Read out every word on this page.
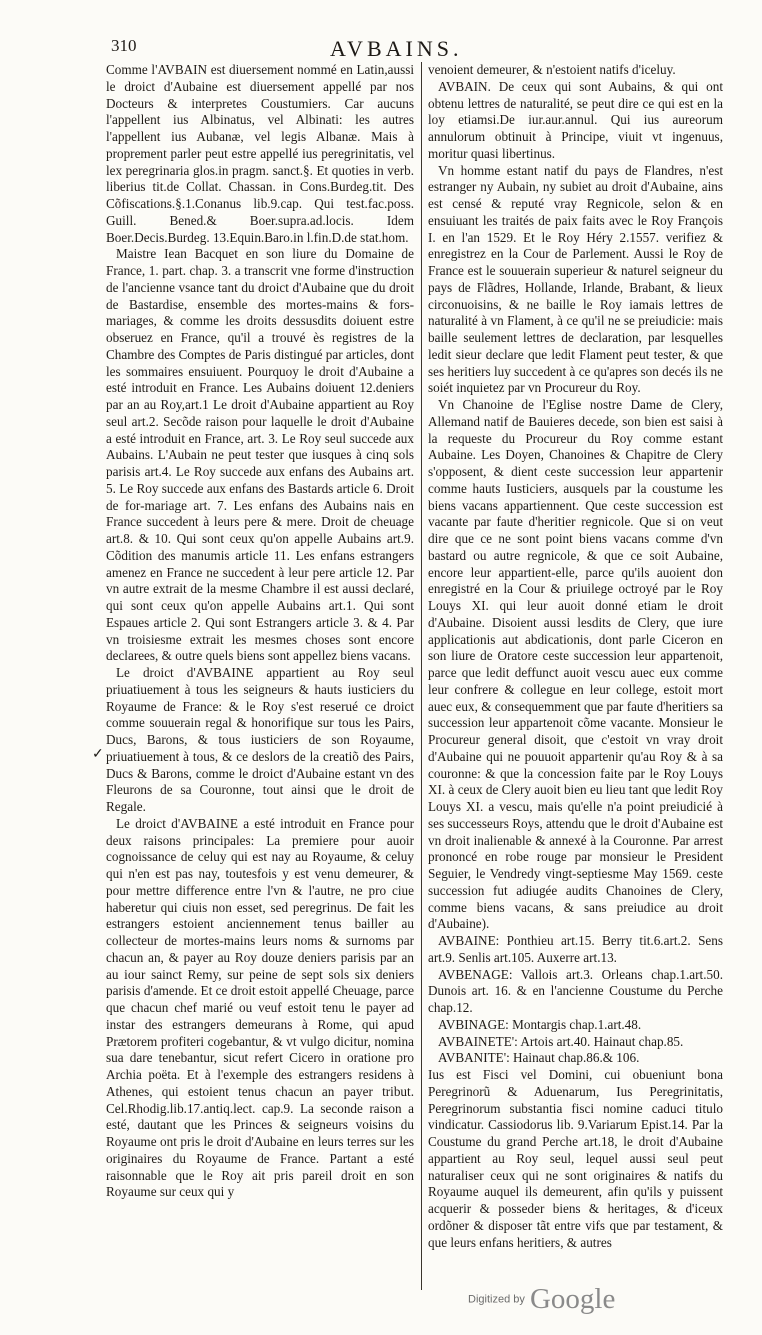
310	AVBAINS.

Comme l'AVBAIN est diuersement nommé en Latin,aussi le droict d'Aubaine est diuersement appellé par nos Docteurs & interpretes Coustumiers. Car aucuns l'appellent ius Albinatus, vel Albinati: les autres l'appellent ius Aubanæ, vel legis Albanæ. Mais à proprement parler peut estre appellé ius peregrinitatis, vel lex peregrinaria glos.in pragm. sanct.§. Et quoties in verb. liberius tit.de Collat. Chassan. in Cons.Burdeg.tit. Des Cõfiscations.§.1.Conanus lib.9.cap. Qui test.fac.poss. Guill. Bened.& Boer.supra.ad.locis. Idem Boer.Decis.Burdeg. 13.Equin.Baro.in l.fin.D.de stat.hom.

Maistre Iean Bacquet en son liure du Domaine de France, 1. part. chap. 3. a transcrit vne forme d'instruction de l'ancienne vsance tant du droict d'Aubaine que du droit de Bastardise, ensemble des mortes-mains & fors-mariages, & comme les droits dessusdits doiuent estre obseruez en France, qu'il a trouvé ès registres de la Chambre des Comptes de Paris distingué par articles, dont les sommaires ensuiuent. Pourquoy le droit d'Aubaine a esté introduit en France. Les Aubains doiuent 12.deniers par an au Roy,art.1 Le droit d'Aubaine appartient au Roy seul art.2. Secõde raison pour laquelle le droit d'Aubaine a esté introduit en France, art. 3. Le Roy seul succede aux Aubains. L'Aubain ne peut tester que iusques à cinq sols parisis art.4. Le Roy succede aux enfans des Aubains art. 5. Le Roy succede aux enfans des Bastards article 6. Droit de for-mariage art. 7. Les enfans des Aubains nais en France succedent à leurs pere & mere. Droit de cheuage art.8. & 10. Qui sont ceux qu'on appelle Aubains art.9. Cõdition des manumis article 11. Les enfans estrangers amenez en France ne succedent à leur pere article 12. Par vn autre extrait de la mesme Chambre il est aussi declaré, qui sont ceux qu'on appelle Aubains art.1. Qui sont Espaues article 2. Qui sont Estrangers article 3. & 4. Par vn troisiesme extrait les mesmes choses sont encore declarees, & outre quels biens sont appellez biens vacans.

Le droict d'AVBAINE appartient au Roy seul priuatiuement à tous les seigneurs & hauts iusticiers du Royaume de France: & le Roy s'est reserué ce droict comme souuerain regal & honorifique sur tous les Pairs, Ducs, Barons, & tous iusticiers de son Royaume, priuatiuement à tous, & ce deslors de la creatiõ des Pairs, Ducs & Barons, comme le droict d'Aubaine estant vn des Fleurons de sa Couronne, tout ainsi que le droit de Regale.

Le droict d'AVBAINE a esté introduit en France pour deux raisons principales: La premiere pour auoir cognoissance de celuy qui est nay au Royaume, & celuy qui n'en est pas nay, toutesfois y est venu demeurer, & pour mettre difference entre l'vn & l'autre, ne pro ciue haberetur qui ciuis non esset, sed peregrinus. De fait les estrangers estoient anciennement tenus bailler au collecteur de mortes-mains leurs noms & surnoms par chacun an, & payer au Roy douze deniers parisis par an au iour sainct Remy, sur peine de sept sols six deniers parisis d'amende. Et ce droit estoit appellé Cheuage, parce que chacun chef marié ou veuf estoit tenu le payer ad instar des estrangers demeurans à Rome, qui apud Prætorem profiteri cogebantur, & vt vulgo dicitur, nomina sua dare tenebantur, sicut refert Cicero in oratione pro Archia poëta. Et à l'exemple des estrangers residens à Athenes, qui estoient tenus chacun an payer tribut. Cel.Rhodig.lib.17.antiq.lect. cap.9. La seconde raison a esté, dautant que les Princes & seigneurs voisins du Royaume ont pris le droit d'Aubaine en leurs terres sur les originaires du Royaume de France. Partant a esté raisonnable que le Roy ait pris pareil droit en son Royaume sur ceux qui y

venoient demeurer, & n'estoient natifs d'iceluy.

AVBAIN. De ceux qui sont Aubains, & qui ont obtenu lettres de naturalité, se peut dire ce qui est en la loy etiamsi.De iur.aur.annul. Qui ius aureorum annulorum obtinuit à Principe, viuit vt ingenuus, moritur quasi libertinus.

Vn homme estant natif du pays de Flandres, n'est estranger ny Aubain, ny subiet au droit d'Aubaine, ains est censé & reputé vray Regnicole, selon & en ensuiuant les traités de paix faits avec le Roy François I. en l'an 1529. Et le Roy Héry 2.1557. verifiez & enregistrez en la Cour de Parlement. Aussi le Roy de France est le souuerain superieur & naturel seigneur du pays de Flãdres, Hollande, Irlande, Brabant, & lieux circonuoisins, & ne baille le Roy iamais lettres de naturalité à vn Flament, à ce qu'il ne se preiudicie: mais baille seulement lettres de declaration, par lesquelles ledit sieur declare que ledit Flament peut tester, & que ses heritiers luy succedent à ce qu'apres son decés ils ne soiét inquietez par vn Procureur du Roy.

Vn Chanoine de l'Eglise nostre Dame de Clery, Allemand natif de Bauieres decede, son bien est saisi à la requeste du Procureur du Roy comme estant Aubaine. Les Doyen, Chanoines & Chapitre de Clery s'opposent, & dient ceste succession leur appartenir comme hauts Iusticiers, ausquels par la coustume les biens vacans appartiennent. Que ceste succession est vacante par faute d'heritier regnicole. Que si on veut dire que ce ne sont point biens vacans comme d'vn bastard ou autre regnicole, & que ce soit Aubaine, encore leur appartient-elle, parce qu'ils auoient don enregistré en la Cour & priuilege octroyé par le Roy Louys XI. qui leur auoit donné etiam le droit d'Aubaine. Disoient aussi lesdits de Clery, que iure applicationis aut abdicationis, dont parle Ciceron en son liure de Oratore ceste succession leur appartenoit, parce que ledit deffunct auoit vescu auec eux comme leur confrere & collegue en leur college, estoit mort auec eux, & consequemment que par faute d'heritiers sa succession leur appartenoit cõme vacante. Monsieur le Procureur general disoit, que c'estoit vn vray droit d'Aubaine qui ne pouuoit appartenir qu'au Roy & à sa couronne: & que la concession faite par le Roy Louys XI. à ceux de Clery auoit bien eu lieu tant que ledit Roy Louys XI. a vescu, mais qu'elle n'a point preiudicié à ses successeurs Roys, attendu que le droit d'Aubaine est vn droit inalienable & annexé à la Couronne. Par arrest prononcé en robe rouge par monsieur le President Seguier, le Vendredy vingt-septiesme May 1569. ceste succession fut adiugée audits Chanoines de Clery, comme biens vacans, & sans preiudice au droit d'Aubaine).

AVBAINE: Ponthieu art.15. Berry tit.6.art.2. Sens art.9. Senlis art.105. Auxerre art.13.

AVBENAGE: Vallois art.3. Orleans chap.1.art.50. Dunois art. 16. & en l'ancienne Coustume du Perche chap.12.

AVBINAGE: Montargis chap.1.art.48.

AVBAINETE': Artois art.40. Hainaut chap.85.

AVBANITE': Hainaut chap.86.& 106.

Ius est Fisci vel Domini, cui obueniunt bona Peregrinorũ & Aduenarum, Ius Peregrinitatis, Peregrinorum substantia fisci nomine caduci titulo vindicatur. Cassiodorus lib. 9.Variarum Epist.14. Par la Coustume du grand Perche art.18, le droit d'Aubaine appartient au Roy seul, lequel aussi seul peut naturaliser ceux qui ne sont originaires & natifs du Royaume auquel ils demeurent, afin qu'ils y puissent acquerir & posseder biens & heritages, & d'iceux ordõner & disposer tãt entre vifs que par testament, & que leurs enfans heritiers, & autres

✓
Digitized by Google
